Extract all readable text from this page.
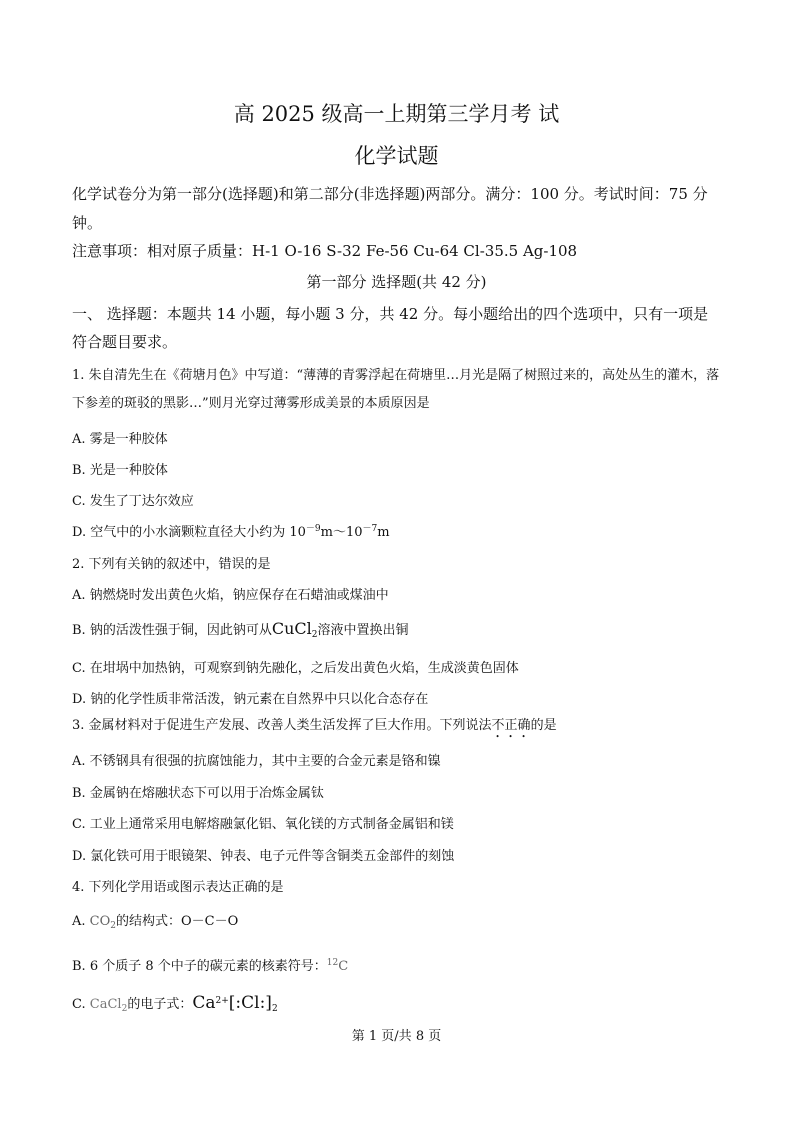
高 2025 级高一上期第三学月考 试
化学试题
化学试卷分为第一部分(选择题)和第二部分(非选择题)两部分。满分：100 分。考试时间：75 分钟。
注意事项：相对原子质量：H-1 O-16 S-32 Fe-56 Cu-64 Cl-35.5 Ag-108
第一部分 选择题(共 42 分)
一、 选择题：本题共 14 小题，每小题 3 分，共 42 分。每小题给出的四个选项中，只有一项是符合题目要求。
1. 朱自清先生在《荷塘月色》中写道：“薄薄的青雾浮起在荷塘里…月光是隔了树照过来的，高处丛生的灌木，落下参差的斑驳的黑影…”则月光穿过薄雾形成美景的本质原因是
A. 雾是一种胶体
B. 光是一种胶体
C. 发生了丁达尔效应
D. 空气中的小水滴颗粒直径大小约为 $10^{-9}m\sim 10^{-7}m$
2. 下列有关钠的叙述中，错误的是
A. 钠燃烧时发出黄色火焰，钠应保存在石蜡油或煤油中
B. 钠的活泼性强于铜，因此钠可从CuCl$_2$溶液中置换出铜
C. 在坩埚中加热钠，可观察到钠先融化，之后发出黄色火焰，生成淡黄色固体
D. 钠的化学性质非常活泼，钠元素在自然界中只以化合态存在
3. 金属材料对于促进生产发展、改善人类生活发挥了巨大作用。下列说法不正确的是
A. 不锈钢具有很强的抗腐蚀能力，其中主要的合金元素是铬和镍
B. 金属钠在熔融状态下可以用于冶炼金属钛
C. 工业上通常采用电解熔融氯化铝、氧化镁的方式制备金属铝和镁
D. 氯化铁可用于眼镜架、钟表、电子元件等含铜类五金部件的刻蚀
4. 下列化学用语或图示表达正确的是
A. $CO_2$的结构式：O－C－O
B. 6 个质子 8 个中子的碳元素的核素符号：$^{12}$C
C. CaCl$_2$的电子式：$Ca^{2+}[:Cl:]_2$
第 1 页/共 8 页
